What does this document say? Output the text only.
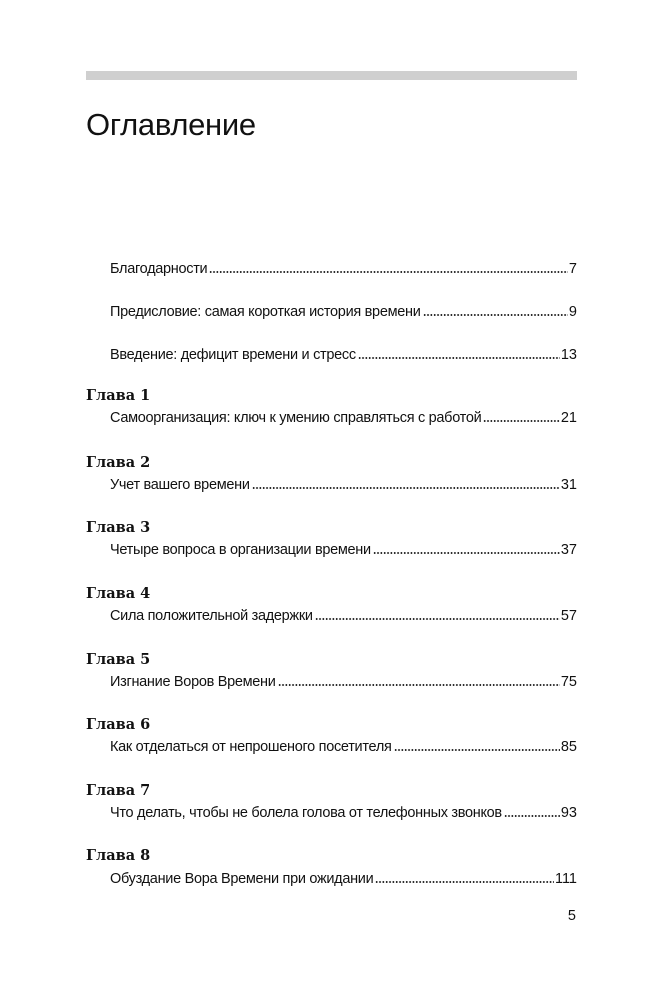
Оглавление
Благодарности	7
Предисловие: самая короткая история времени	9
Введение: дефицит времени и стресс	13

Глава 1

Самоорганизация: ключ к умению справляться с работой	21

Глава 2

Учет вашего времени	31

Глава 3

Четыре вопроса в организации времени	37

Глава 4

Сила положительной задержки	57

Глава 5

Изгнание Воров Времени	75

Глава 6

Как отделаться от непрошеного посетителя	85

Глава 7

Что делать, чтобы не болела голова от телефонных звонков	93

Глава 8

Обуздание Вора Времени при ожидании	111
5
